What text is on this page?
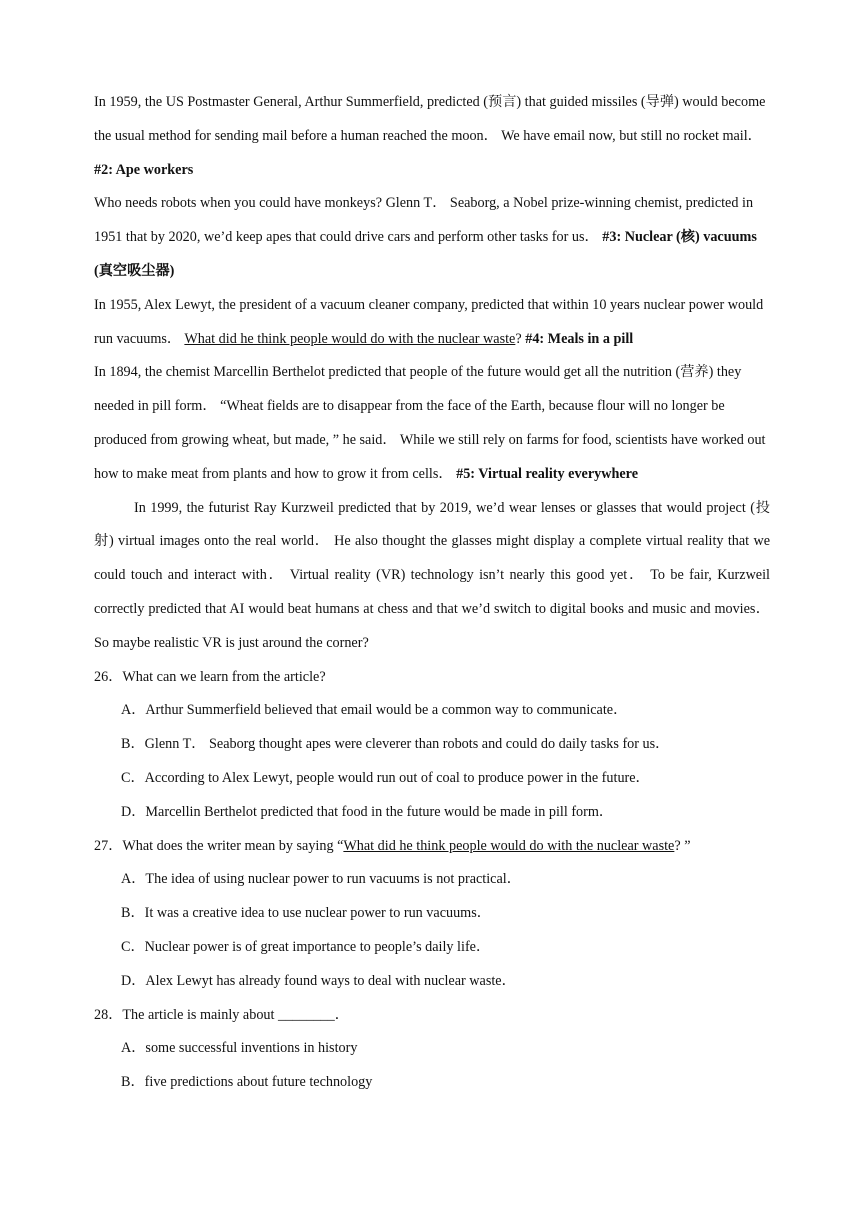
In 1959, the US Postmaster General, Arthur Summerfield, predicted (预言) that guided missiles (导弹) would become the usual method for sending mail before a human reached the moon． We have email now, but still no rocket mail． #2: Ape workers

Who needs robots when you could have monkeys? Glenn T． Seaborg, a Nobel prize-winning chemist, predicted in 1951 that by 2020, we’d keep apes that could drive cars and perform other tasks for us． #3: Nuclear (核) vacuums (真空吸尘器)

In 1955, Alex Lewyt, the president of a vacuum cleaner company, predicted that within 10 years nuclear power would run vacuums． What did he think people would do with the nuclear waste? #4: Meals in a pill

In 1894, the chemist Marcellin Berthelot predicted that people of the future would get all the nutrition (营养) they needed in pill form． “Wheat fields are to disappear from the face of the Earth, because flour will no longer be produced from growing wheat, but made, ” he said． While we still rely on farms for food, scientists have worked out how to make meat from plants and how to grow it from cells． #5: Virtual reality everywhere

In 1999, the futurist Ray Kurzweil predicted that by 2019, we’d wear lenses or glasses that would project (投射) virtual images onto the real world． He also thought the glasses might display a complete virtual reality that we could touch and interact with． Virtual reality (VR) technology isn’t nearly this good yet． To be fair, Kurzweil correctly predicted that AI would beat humans at chess and that we’d switch to digital books and music and movies． So maybe realistic VR is just around the corner?

26．What can we learn from the article?

A．Arthur Summerfield believed that email would be a common way to communicate．

B．Glenn T． Seaborg thought apes were cleverer than robots and could do daily tasks for us．

C．According to Alex Lewyt, people would run out of coal to produce power in the future．

D．Marcellin Berthelot predicted that food in the future would be made in pill form．

27．What does the writer mean by saying “What did he think people would do with the nuclear waste? ”

A．The idea of using nuclear power to run vacuums is not practical．

B．It was a creative idea to use nuclear power to run vacuums．

C．Nuclear power is of great importance to people’s daily life．

D．Alex Lewyt has already found ways to deal with nuclear waste．

28．The article is mainly about ________．

A．some successful inventions in history

B．five predictions about future technology
